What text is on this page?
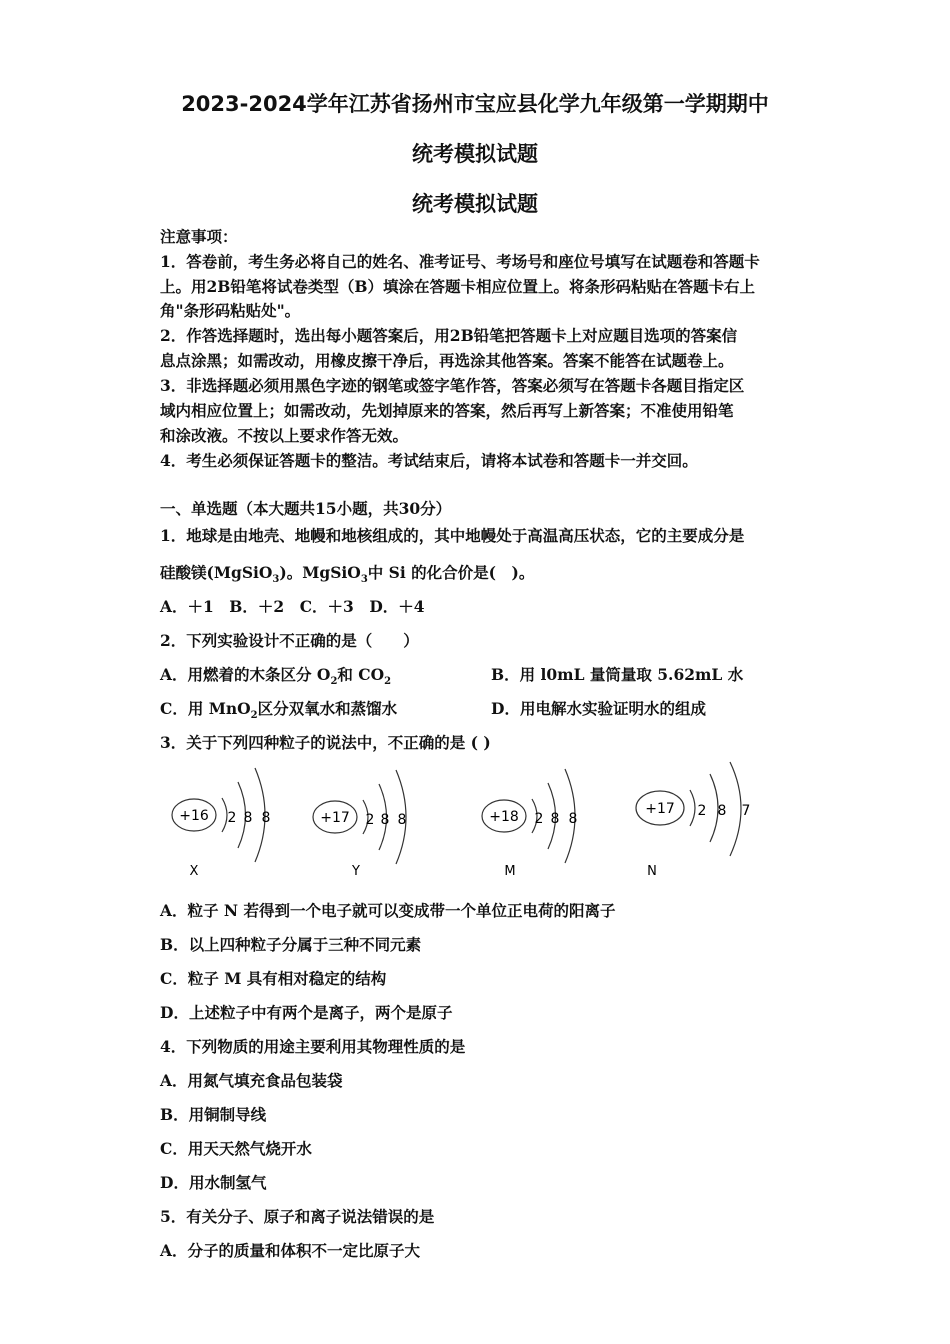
2023-2024学年江苏省扬州市宝应县化学九年级第一学期期中
统考模拟试题
统考模拟试题

注意事项：

1．答卷前，考生务必将自己的姓名、准考证号、考场号和座位号填写在试题卷和答题卡

上。用2B铅笔将试卷类型（B）填涂在答题卡相应位置上。将条形码粘贴在答题卡右上

角"条形码粘贴处"。

2．作答选择题时，选出每小题答案后，用2B铅笔把答题卡上对应题目选项的答案信

息点涂黑；如需改动，用橡皮擦干净后，再选涂其他答案。答案不能答在试题卷上。

3．非选择题必须用黑色字迹的钢笔或签字笔作答，答案必须写在答题卡各题目指定区

域内相应位置上；如需改动，先划掉原来的答案，然后再写上新答案；不准使用铅笔

和涂改液。不按以上要求作答无效。

4．考生必须保证答题卡的整洁。考试结束后，请将本试卷和答题卡一并交回。

一、单选题（本大题共15小题，共30分）

1．地球是由地壳、地幔和地核组成的，其中地幔处于高温高压状态，它的主要成分是

硅酸镁(MgSiO$_3$)。MgSiO$_3$中 Si 的化合价是(　)。

A．＋1　B．＋2　C．＋3　D．＋4

2．下列实验设计不正确的是（　　）

A．用燃着的木条区分 $O_2$和 $CO_2$	B．用 l0mL 量筒量取 5.62mL 水

C．用 MnO$_2$区分双氧水和蒸馏水	D．用电解水实验证明水的组成

3．关于下列四种粒子的说法中，不正确的是 ( )

+16 2 8 8
X
+17 2 8 8
Y
+18 2 8 8
M
+17 2 8 7
N

A．粒子 N 若得到一个电子就可以变成带一个单位正电荷的阳离子

B．以上四种粒子分属于三种不同元素

C．粒子 M 具有相对稳定的结构

D．上述粒子中有两个是离子，两个是原子

4．下列物质的用途主要利用其物理性质的是

A．用氮气填充食品包装袋

B．用铜制导线

C．用天天然气烧开水

D．用水制氢气

5．有关分子、原子和离子说法错误的是

A．分子的质量和体积不一定比原子大
